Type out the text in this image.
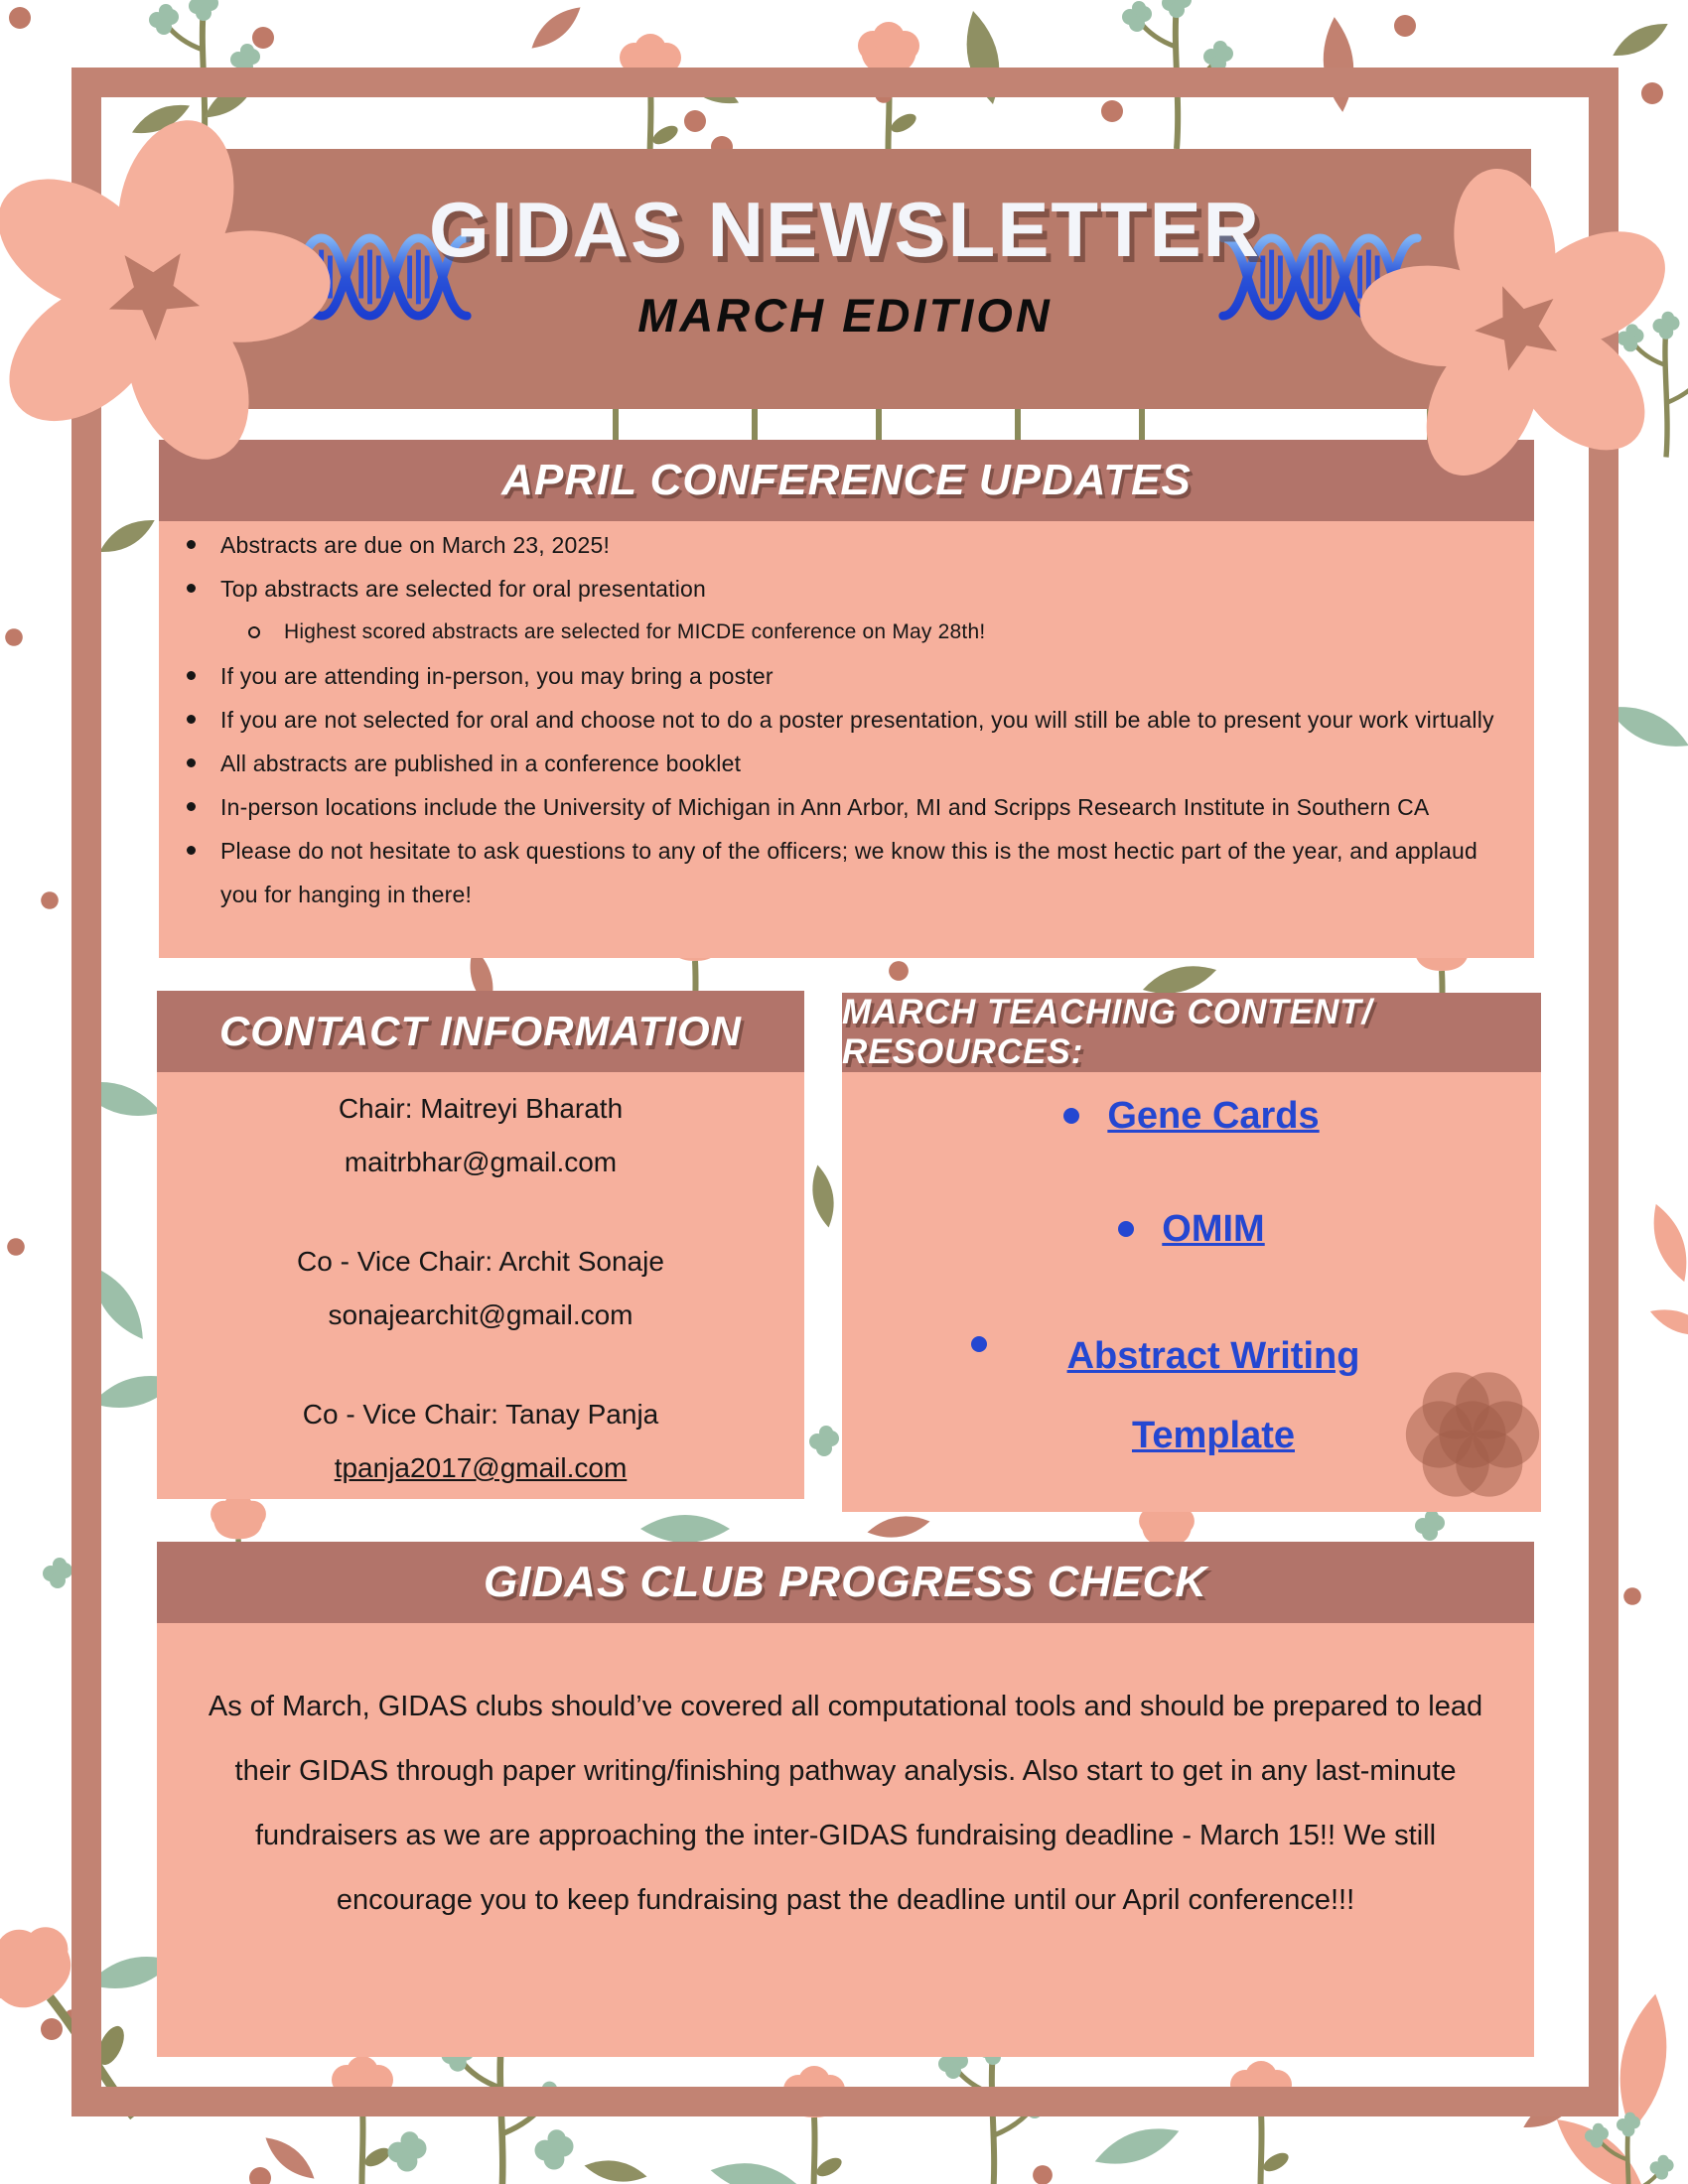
GIDAS NEWSLETTER
MARCH EDITION
APRIL CONFERENCE UPDATES
Abstracts are due on March 23, 2025!
Top abstracts are selected for oral presentation
Highest scored abstracts are selected for MICDE conference on May 28th!
If you are attending in-person, you may bring a poster
If you are not selected for oral and choose not to do a poster presentation, you will still be able to present your work virtually
All abstracts are published in a conference booklet
In-person locations include the University of Michigan in Ann Arbor, MI and Scripps Research Institute in Southern CA
Please do not hesitate to ask questions to any of the officers; we know this is the most hectic part of the year, and applaud you for hanging in there!
CONTACT INFORMATION
Chair: Maitreyi Bharath
maitrbhar@gmail.com
Co - Vice Chair: Archit Sonaje
sonajearchit@gmail.com
Co - Vice Chair: Tanay Panja
tpanja2017@gmail.com
MARCH TEACHING CONTENT/ RESOURCES:
Gene Cards
OMIM
Abstract Writing Template
GIDAS CLUB PROGRESS CHECK
As of March, GIDAS clubs should’ve covered all computational tools and should be prepared to lead their GIDAS through paper writing/finishing pathway analysis. Also start to get in any last-minute fundraisers as we are approaching the inter-GIDAS fundraising deadline - March 15!! We still encourage you to keep fundraising past the deadline until our April conference!!!
